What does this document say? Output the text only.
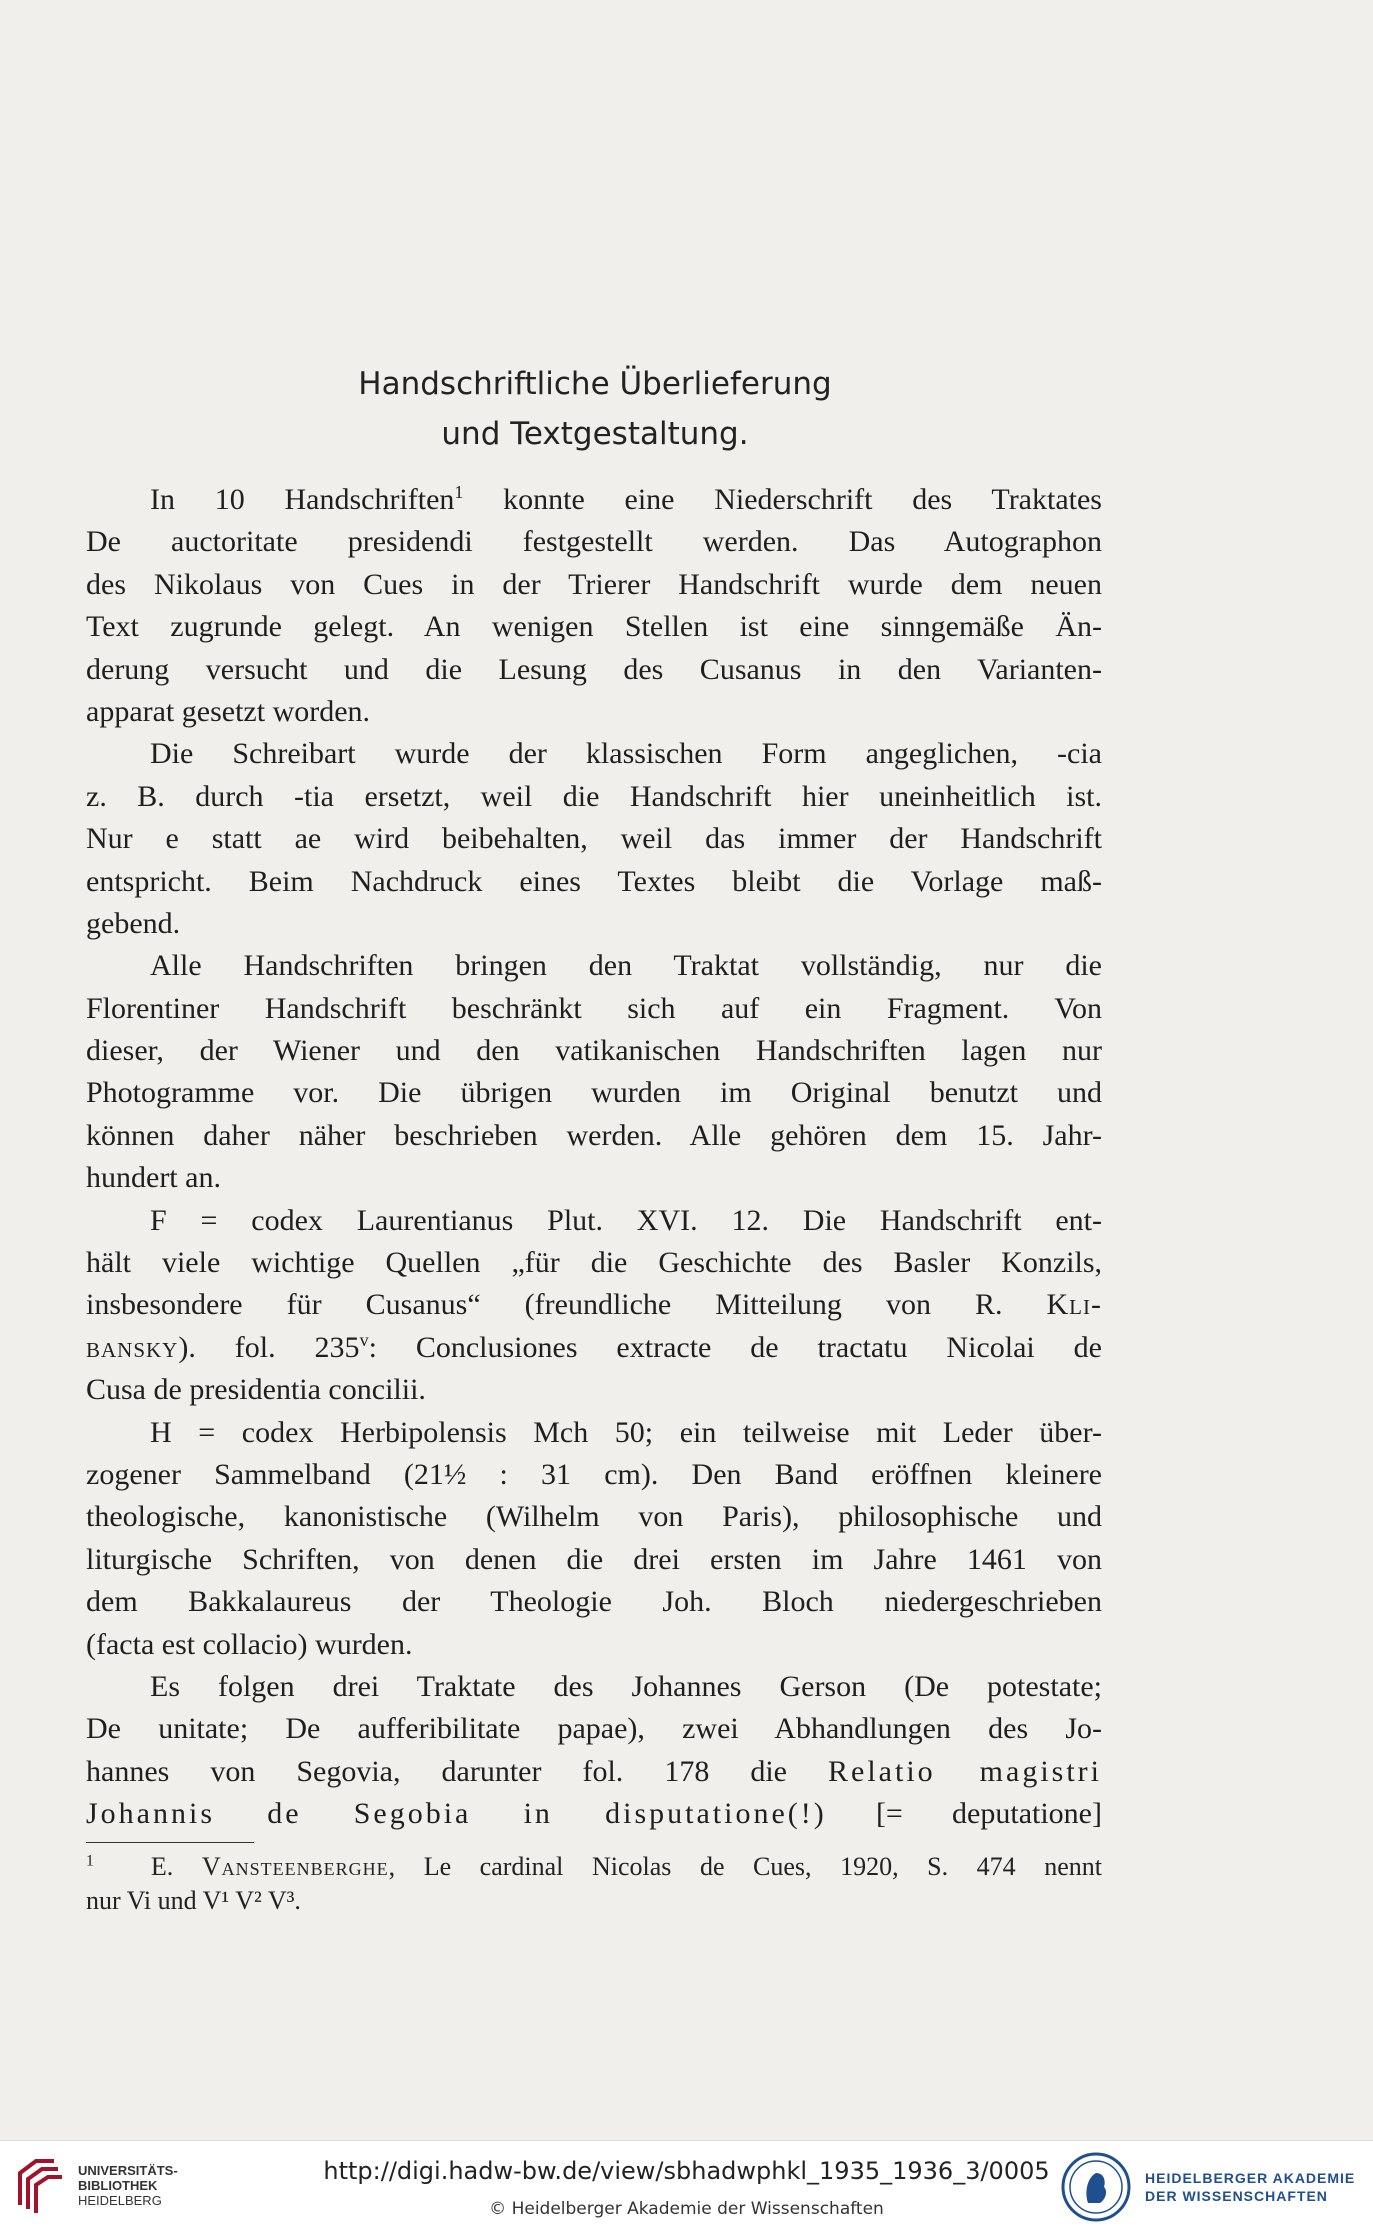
Handschriftliche Überlieferung
und Textgestaltung.
In 10 Handschriften$^1$ konnte eine Niederschrift des Traktates
De auctoritate presidendi festgestellt werden. Das Autographon
des Nikolaus von Cues in der Trierer Handschrift wurde dem neuen
Text zugrunde gelegt. An wenigen Stellen ist eine sinngemäße Än-
derung versucht und die Lesung des Cusanus in den Varianten-
apparat gesetzt worden.
Die Schreibart wurde der klassischen Form angeglichen, -cia
z. B. durch -tia ersetzt, weil die Handschrift hier uneinheitlich ist.
Nur e statt ae wird beibehalten, weil das immer der Handschrift
entspricht. Beim Nachdruck eines Textes bleibt die Vorlage maß-
gebend.
Alle Handschriften bringen den Traktat vollständig, nur die
Florentiner Handschrift beschränkt sich auf ein Fragment. Von
dieser, der Wiener und den vatikanischen Handschriften lagen nur
Photogramme vor. Die übrigen wurden im Original benutzt und
können daher näher beschrieben werden. Alle gehören dem 15. Jahr-
hundert an.
F = codex Laurentianus Plut. XVI. 12. Die Handschrift ent-
hält viele wichtige Quellen „für die Geschichte des Basler Konzils,
insbesondere für Cusanus“ (freundliche Mitteilung von R. Kli-
bansky). fol. 235$^v$: Conclusiones extracte de tractatu Nicolai de
Cusa de presidentia concilii.
H = codex Herbipolensis Mch 50; ein teilweise mit Leder über-
zogener Sammelband (21½ : 31 cm). Den Band eröffnen kleinere
theologische, kanonistische (Wilhelm von Paris), philosophische und
liturgische Schriften, von denen die drei ersten im Jahre 1461 von
dem Bakkalaureus der Theologie Joh. Bloch niedergeschrieben
(facta est collacio) wurden.
Es folgen drei Traktate des Johannes Gerson (De potestate;
De unitate; De aufferibilitate papae), zwei Abhandlungen des Jo-
hannes von Segovia, darunter fol. 178 die Relatio magistri
Johannis de Segobia in disputatione(!) [= deputatione]
$^1$  E. Vansteenberghe, Le cardinal Nicolas de Cues, 1920, S. 474 nennt
nur Vi und V¹ V² V³.
UNIVERSITÄTS-
BIBLIOTHEK
HEIDELBERG
http://digi.hadw-bw.de/view/sbhadwphkl_1935_1936_3/0005
© Heidelberger Akademie der Wissenschaften
HEIDELBERGER AKADEMIE
DER WISSENSCHAFTEN
